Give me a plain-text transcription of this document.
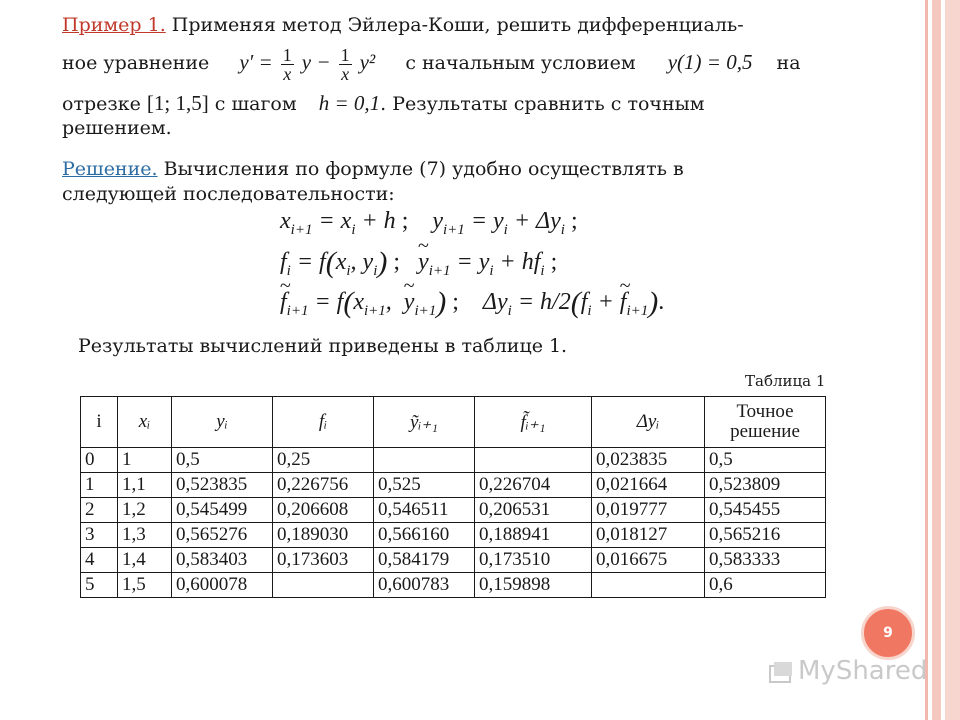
Пример 1. Применяя метод Эйлера-Коши, решить дифференциаль-
ное уравнение $y' = \frac{1}{x}$ $y - \frac{1}{x} y^2$ с начальным условием y(1) = 0,5 на
отрезке [1; 1,5] с шагом h = 0,1. Результаты сравнить с точным
решением.
Решение. Вычисления по формуле (7) удобно осуществлять в
следующей последовательности:
$x_{i+1} = x_i + h$ ;    $y_{i+1} = y_i + \Delta y_i$ ;
$f_i = f(x_i$, $y_i$) ;   ~ $y_{i+1} = y_i + hf_i$ ;
~ $f_{i+1} = f(x_{i+1}$,  ~ $y_{i+1}$) ;    $\Delta y_i = h/2(f_i$ + ~ $f_{i+1}$).
Результаты вычислений приведены в таблице 1.
Таблица 1
i	xᵢ	yᵢ	fᵢ	ỹᵢ₊₁	f̃ᵢ₊₁	Δyᵢ	Точное решение
0	1	0,5	0,25			0,023835	0,5
1	1,1	0,523835	0,226756	0,525	0,226704	0,021664	0,523809
2	1,2	0,545499	0,206608	0,546511	0,206531	0,019777	0,545455
3	1,3	0,565276	0,189030	0,566160	0,188941	0,018127	0,565216
4	1,4	0,583403	0,173603	0,584179	0,173510	0,016675	0,583333
5	1,5	0,600078		0,600783	0,159898		0,6
9
MyShared
